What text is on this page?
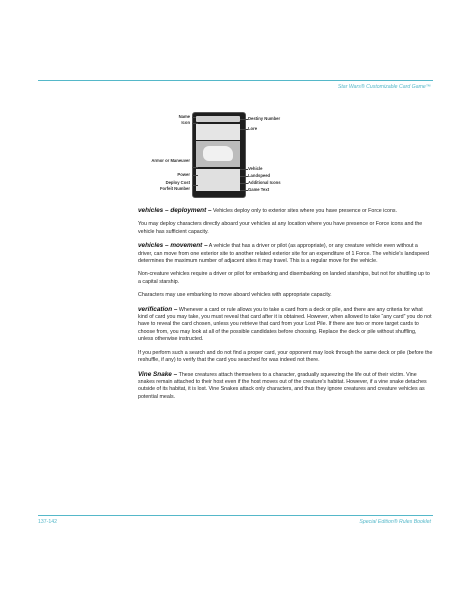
Star Wars® Customizable Card Game™
Name
Icon
Armor or Maneuver
Power
Deploy Cost
Forfeit Number
Destiny Number
Lore
Vehicle
Landspeed
Additional Icons
Game Text

vehicles – deployment – Vehicles deploy only to exterior sites where you have presence or Force icons.

You may deploy characters directly aboard your vehicles at any location where you have presence or Force icons and the vehicle has sufficient capacity.

vehicles – movement – A vehicle that has a driver or pilot (as appropriate), or any creature vehicle even without a driver, can move from one exterior site to another related exterior site for an expenditure of 1 Force. The vehicle's landspeed determines the maximum number of adjacent sites it may travel. This is a regular move for the vehicle.

Non-creature vehicles require a driver or pilot for embarking and disembarking on landed starships, but not for shuttling up to a capital starship.

Characters may use embarking to move aboard vehicles with appropriate capacity.

verification – Whenever a card or rule allows you to take a card from a deck or pile, and there are any criteria for what kind of card you may take, you must reveal that card after it is obtained. However, when allowed to take “any card” you do not have to reveal the card chosen, unless you retrieve that card from your Lost Pile. If there are two or more target cards to choose from, you may look at all of the possible candidates before choosing. Replace the deck or pile without shuffling, unless otherwise instructed.

If you perform such a search and do not find a proper card, your opponent may look through the same deck or pile (before the reshuffle, if any) to verify that the card you searched for was indeed not there.

Vine Snake – These creatures attach themselves to a character, gradually squeezing the life out of their victim. Vine snakes remain attached to their host even if the host moves out of the creature's habitat. However, if a vine snake detaches outside of its habitat, it is lost. Vine Snakes attack only characters, and thus they ignore creatures and creature vehicles as potential meals.

137-142	Special Edition® Rules Booklet
